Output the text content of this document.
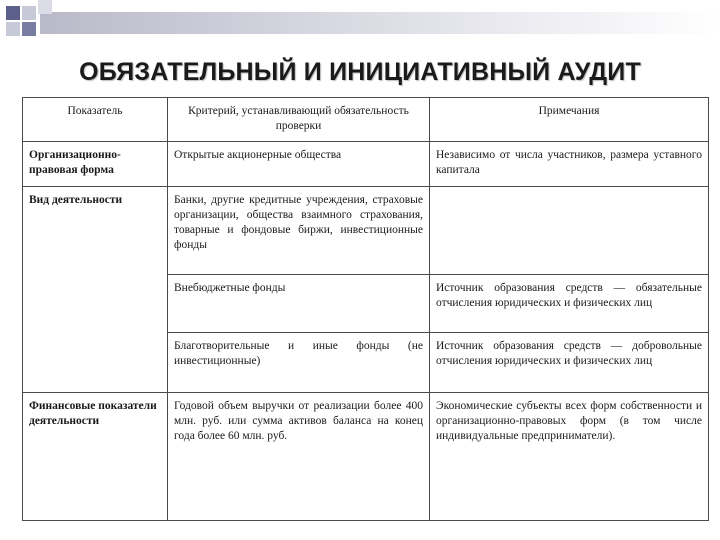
ОБЯЗАТЕЛЬНЫЙ И ИНИЦИАТИВНЫЙ АУДИТ
Показатель	Критерий, устанавливающий обязательность проверки	Примечания
Организационно-правовая форма	Открытые акционерные общества	Независимо от числа участников, размера уставного капитала
Вид деятельности	Банки, другие кредитные учреждения, страховые организации, общества взаимного страхования, товарные и фондовые биржи, инвестиционные фонды	
	Внебюджетные фонды	Источник образования средств — обязательные отчисления юридических и физических лиц
	Благотворительные и иные фонды (не инвестиционные)	Источник образования средств — добровольные отчисления юридических и физических лиц
Финансовые показатели деятельности	Годовой объем выручки от реализации более 400 млн. руб. или сумма активов баланса на конец года более 60 млн. руб.	Экономические субъекты всех форм собственности и организационно-правовых форм (в том числе индивидуальные предприниматели).
